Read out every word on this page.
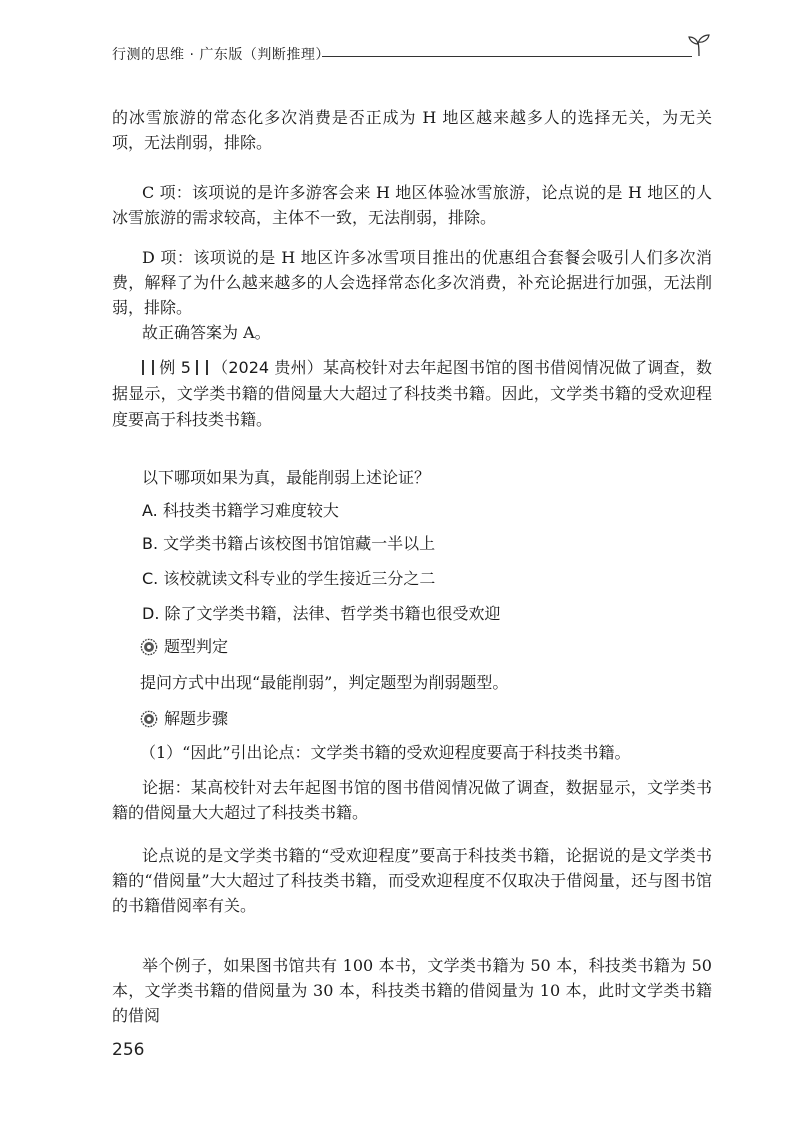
行测的思维 · 广东版（判断推理）

的冰雪旅游的常态化多次消费是否正成为 H 地区越来越多人的选择无关，为无关项，无法削弱，排除。

C 项：该项说的是许多游客会来 H 地区体验冰雪旅游，论点说的是 H 地区的人冰雪旅游的需求较高，主体不一致，无法削弱，排除。

D 项：该项说的是 H 地区许多冰雪项目推出的优惠组合套餐会吸引人们多次消费，解释了为什么越来越多的人会选择常态化多次消费，补充论据进行加强，无法削弱，排除。

故正确答案为 A。

例 5 （2024 贵州）某高校针对去年起图书馆的图书借阅情况做了调查，数据显示，文学类书籍的借阅量大大超过了科技类书籍。因此，文学类书籍的受欢迎程度要高于科技类书籍。

以下哪项如果为真，最能削弱上述论证？

A. 科技类书籍学习难度较大

B. 文学类书籍占该校图书馆馆藏一半以上

C. 该校就读文科专业的学生接近三分之二

D. 除了文学类书籍，法律、哲学类书籍也很受欢迎

题型判定

提问方式中出现“最能削弱”，判定题型为削弱题型。

解题步骤

（1）“因此”引出论点：文学类书籍的受欢迎程度要高于科技类书籍。

论据：某高校针对去年起图书馆的图书借阅情况做了调查，数据显示，文学类书籍的借阅量大大超过了科技类书籍。

论点说的是文学类书籍的“受欢迎程度”要高于科技类书籍，论据说的是文学类书籍的“借阅量”大大超过了科技类书籍，而受欢迎程度不仅取决于借阅量，还与图书馆的书籍借阅率有关。

举个例子，如果图书馆共有 100 本书，文学类书籍为 50 本，科技类书籍为 50 本，文学类书籍的借阅量为 30 本，科技类书籍的借阅量为 10 本，此时文学类书籍的借阅

256
